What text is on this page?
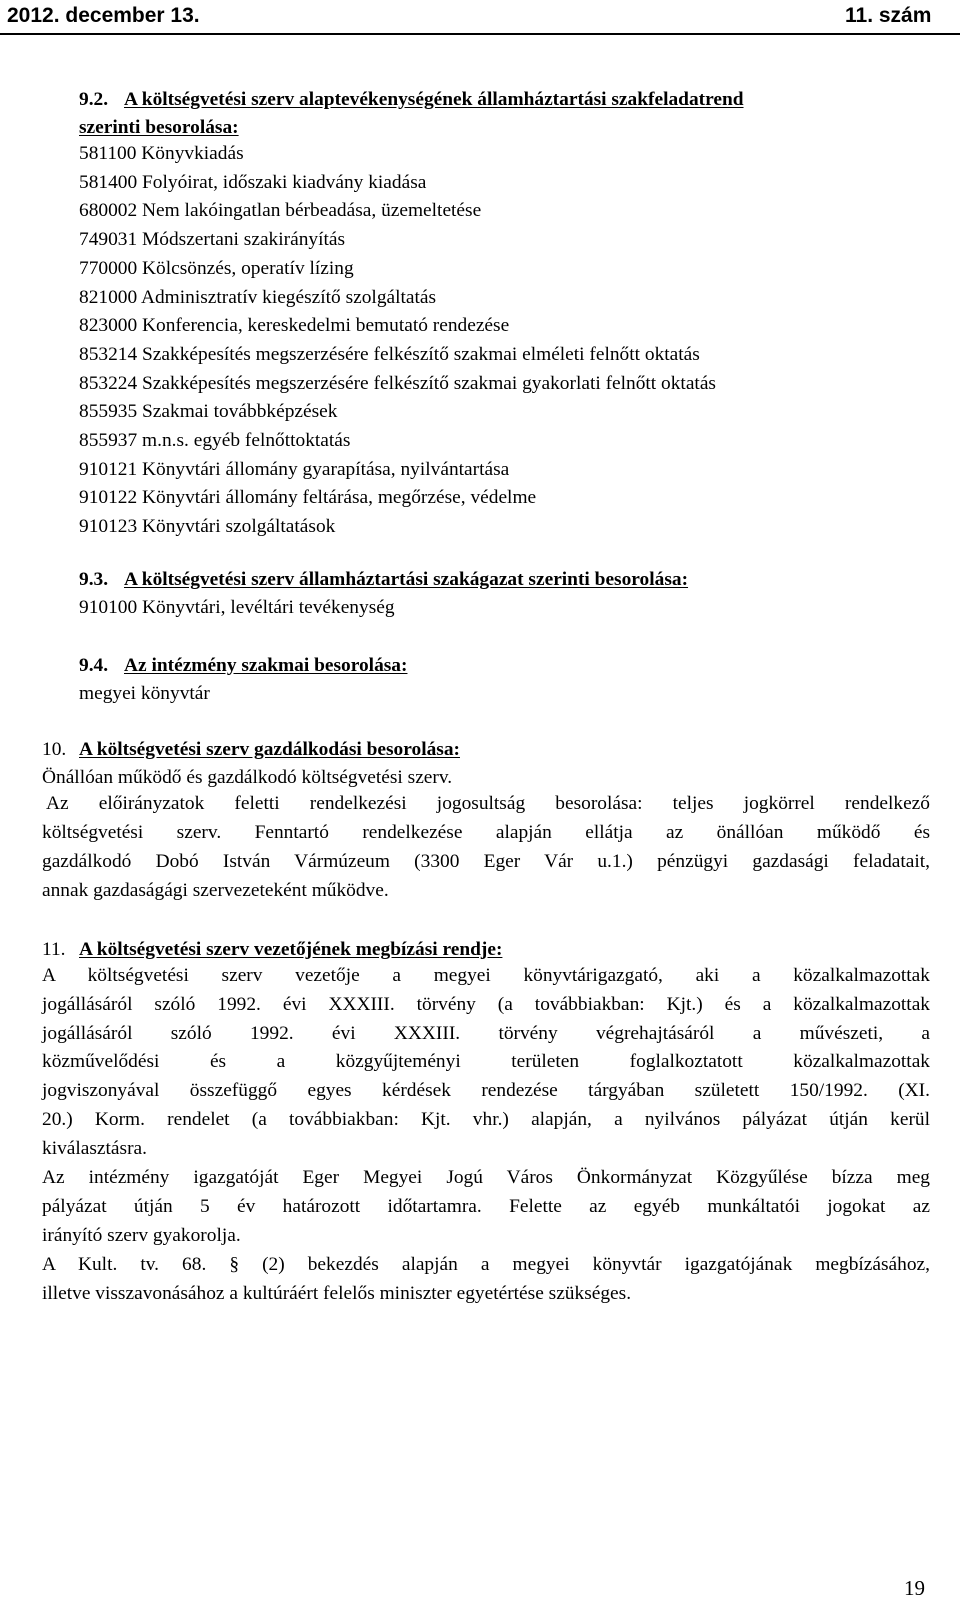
2012. december 13.	11. szám
9.2. A költségvetési szerv alaptevékenységének államháztartási szakfeladatrend
szerinti besorolása:
581100 Könyvkiadás
581400 Folyóirat, időszaki kiadvány kiadása
680002 Nem lakóingatlan bérbeadása, üzemeltetése
749031 Módszertani szakirányítás
770000 Kölcsönzés, operatív lízing
821000 Adminisztratív kiegészítő szolgáltatás
823000 Konferencia, kereskedelmi bemutató rendezése
853214 Szakképesítés megszerzésére felkészítő szakmai elméleti felnőtt oktatás
853224 Szakképesítés megszerzésére felkészítő szakmai gyakorlati felnőtt oktatás
855935 Szakmai továbbképzések
855937 m.n.s. egyéb felnőttoktatás
910121 Könyvtári állomány gyarapítása, nyilvántartása
910122 Könyvtári állomány feltárása, megőrzése, védelme
910123 Könyvtári szolgáltatások
9.3. A költségvetési szerv államháztartási szakágazat szerinti besorolása:
910100 Könyvtári, levéltári tevékenység
9.4. Az intézmény szakmai besorolása:
megyei könyvtár
10. A költségvetési szerv gazdálkodási besorolása:
Önállóan működő és gazdálkodó költségvetési szerv.
Az előirányzatok feletti rendelkezési jogosultság besorolása: teljes jogkörrel rendelkező
költségvetési szerv. Fenntartó rendelkezése alapján ellátja az önállóan működő és
gazdálkodó Dobó István Vármúzeum (3300 Eger Vár u.1.) pénzügyi gazdasági feladatait,
annak gazdaságági szervezeteként működve.
11. A költségvetési szerv vezetőjének megbízási rendje:
A költségvetési szerv vezetője a megyei könyvtárigazgató, aki a közalkalmazottak
jogállásáról szóló 1992. évi XXXIII. törvény (a továbbiakban: Kjt.) és a közalkalmazottak
jogállásáról szóló 1992. évi XXXIII. törvény végrehajtásáról a művészeti, a
közművelődési és a közgyűjteményi területen foglalkoztatott közalkalmazottak
jogviszonyával összefüggő egyes kérdések rendezése tárgyában született 150/1992. (XI.
20.) Korm. rendelet (a továbbiakban: Kjt. vhr.) alapján, a nyilvános pályázat útján kerül
kiválasztásra.
Az intézmény igazgatóját Eger Megyei Jogú Város Önkormányzat Közgyűlése bízza meg
pályázat útján 5 év határozott időtartamra. Felette az egyéb munkáltatói jogokat az
irányító szerv gyakorolja.
A Kult. tv. 68. § (2) bekezdés alapján a megyei könyvtár igazgatójának megbízásához,
illetve visszavonásához a kultúráért felelős miniszter egyetértése szükséges.
19
